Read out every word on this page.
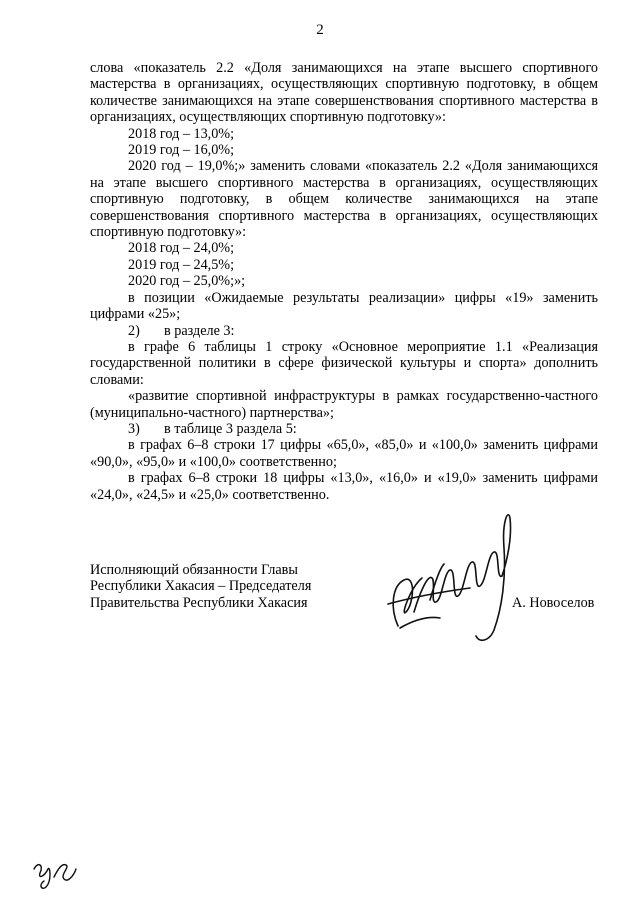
2

слова «показатель 2.2 «Доля занимающихся на этапе высшего спортивного мастерства в организациях, осуществляющих спортивную подготовку, в общем количестве занимающихся на этапе совершенствования спортивного мастерства в организациях, осуществляющих спортивную подготовку»:

2018 год – 13,0%;

2019 год – 16,0%;

2020 год – 19,0%;» заменить словами «показатель 2.2 «Доля занимающихся на этапе высшего спортивного мастерства в организациях, осуществляющих спортивную подготовку, в общем количестве занимающихся на этапе совершенствования спортивного мастерства в организациях, осуществляющих спортивную подготовку»:

2018 год – 24,0%;

2019 год – 24,5%;

2020 год – 25,0%;»;

в позиции «Ожидаемые результаты реализации» цифры «19» заменить цифрами «25»;

2) в разделе 3:

в графе 6 таблицы 1 строку «Основное мероприятие 1.1 «Реализация государственной политики в сфере физической культуры и спорта» дополнить словами:

«развитие спортивной инфраструктуры в рамках государственно-частного (муниципально-частного) партнерства»;

3) в таблице 3 раздела 5:

в графах 6–8 строки 17 цифры «65,0», «85,0» и «100,0» заменить цифрами «90,0», «95,0» и «100,0» соответственно;

в графах 6–8 строки 18 цифры «13,0», «16,0» и «19,0» заменить цифрами «24,0», «24,5» и «25,0» соответственно.

Исполняющий обязанности Главы
Республики Хакасия – Председателя
Правительства Республики Хакасия	А. Новоселов
